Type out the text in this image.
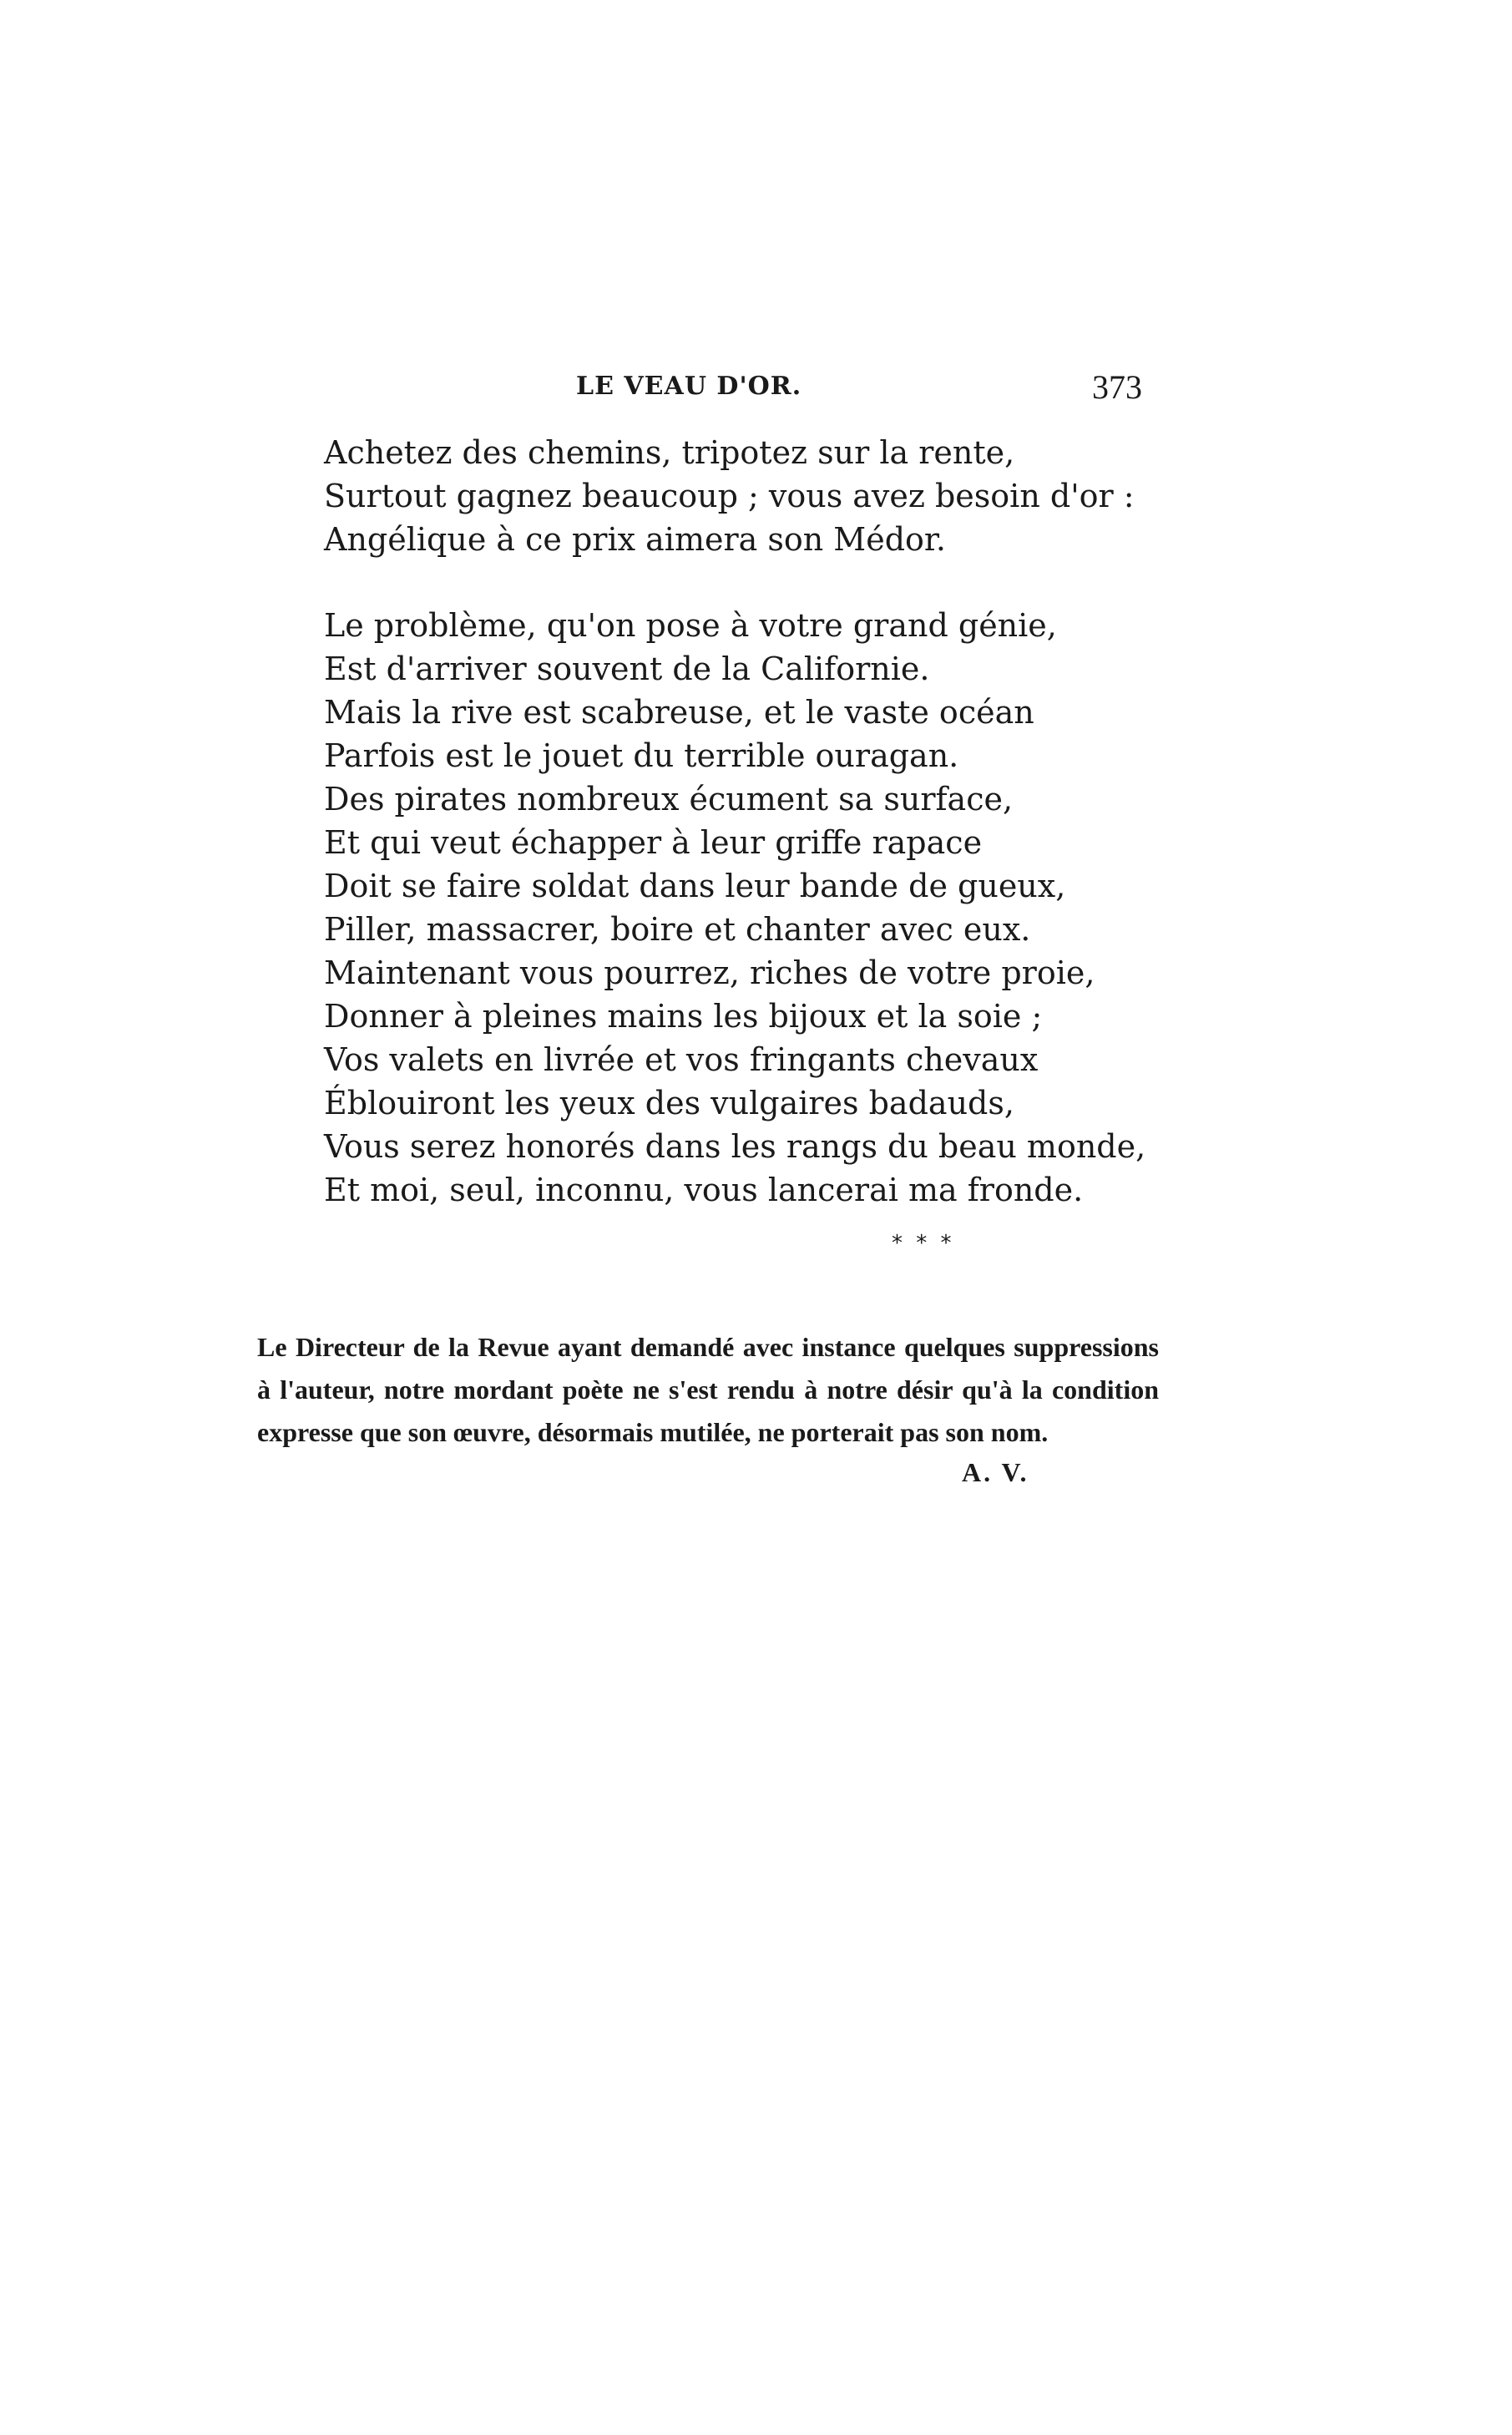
LE VEAU D'OR.	373
Achetez des chemins, tripotez sur la rente,
Surtout gagnez beaucoup ; vous avez besoin d'or :
Angélique à ce prix aimera son Médor.
Le problème, qu'on pose à votre grand génie,
Est d'arriver souvent de la Californie.
Mais la rive est scabreuse, et le vaste océan
Parfois est le jouet du terrible ouragan.
Des pirates nombreux écument sa surface,
Et qui veut échapper à leur griffe rapace
Doit se faire soldat dans leur bande de gueux,
Piller, massacrer, boire et chanter avec eux.
Maintenant vous pourrez, riches de votre proie,
Donner à pleines mains les bijoux et la soie ;
Vos valets en livrée et vos fringants chevaux
Éblouiront les yeux des vulgaires badauds,
Vous serez honorés dans les rangs du beau monde,
Et moi, seul, inconnu, vous lancerai ma fronde.
* * *
Le Directeur de la Revue ayant demandé avec instance quelques suppressions à l'auteur, notre mordant poète ne s'est rendu à notre désir qu'à la condition expresse que son œuvre, désormais mutilée, ne porterait pas son nom.
A. V.
